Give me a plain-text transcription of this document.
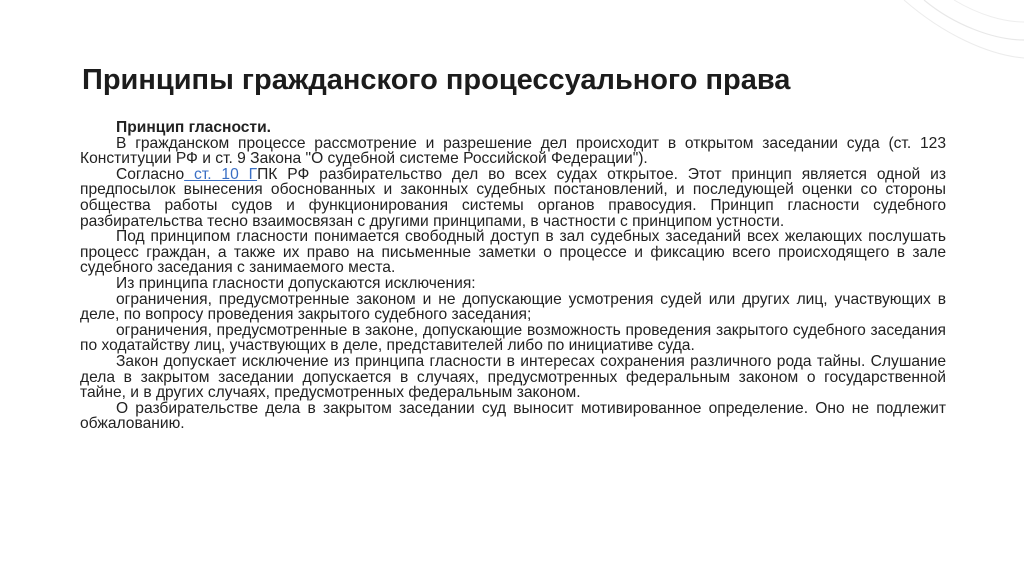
Принципы гражданского процессуального права

Принцип гласности.

В гражданском процессе рассмотрение и разрешение дел происходит в открытом заседании суда (ст. 123 Конституции РФ и ст. 9 Закона "О судебной системе Российской Федерации").

Согласно ст. 10 ГПК РФ разбирательство дел во всех судах открытое. Этот принцип является одной из предпосылок вынесения обоснованных и законных судебных постановлений, и последующей оценки со стороны общества работы судов и функционирования системы органов правосудия. Принцип гласности судебного разбирательства тесно взаимосвязан с другими принципами, в частности с принципом устности.

Под принципом гласности понимается свободный доступ в зал судебных заседаний всех желающих послушать процесс граждан, а также их право на письменные заметки о процессе и фиксацию всего происходящего в зале судебного заседания с занимаемого места.

Из принципа гласности допускаются исключения:

ограничения, предусмотренные законом и не допускающие усмотрения судей или других лиц, участвующих в деле, по вопросу проведения закрытого судебного заседания;

ограничения, предусмотренные в законе, допускающие возможность проведения закрытого судебного заседания по ходатайству лиц, участвующих в деле, представителей либо по инициативе суда.

Закон допускает исключение из принципа гласности в интересах сохранения различного рода тайны. Слушание дела в закрытом заседании допускается в случаях, предусмотренных федеральным законом о государственной тайне, и в других случаях, предусмотренных федеральным законом.

О разбирательстве дела в закрытом заседании суд выносит мотивированное определение. Оно не подлежит обжалованию.
